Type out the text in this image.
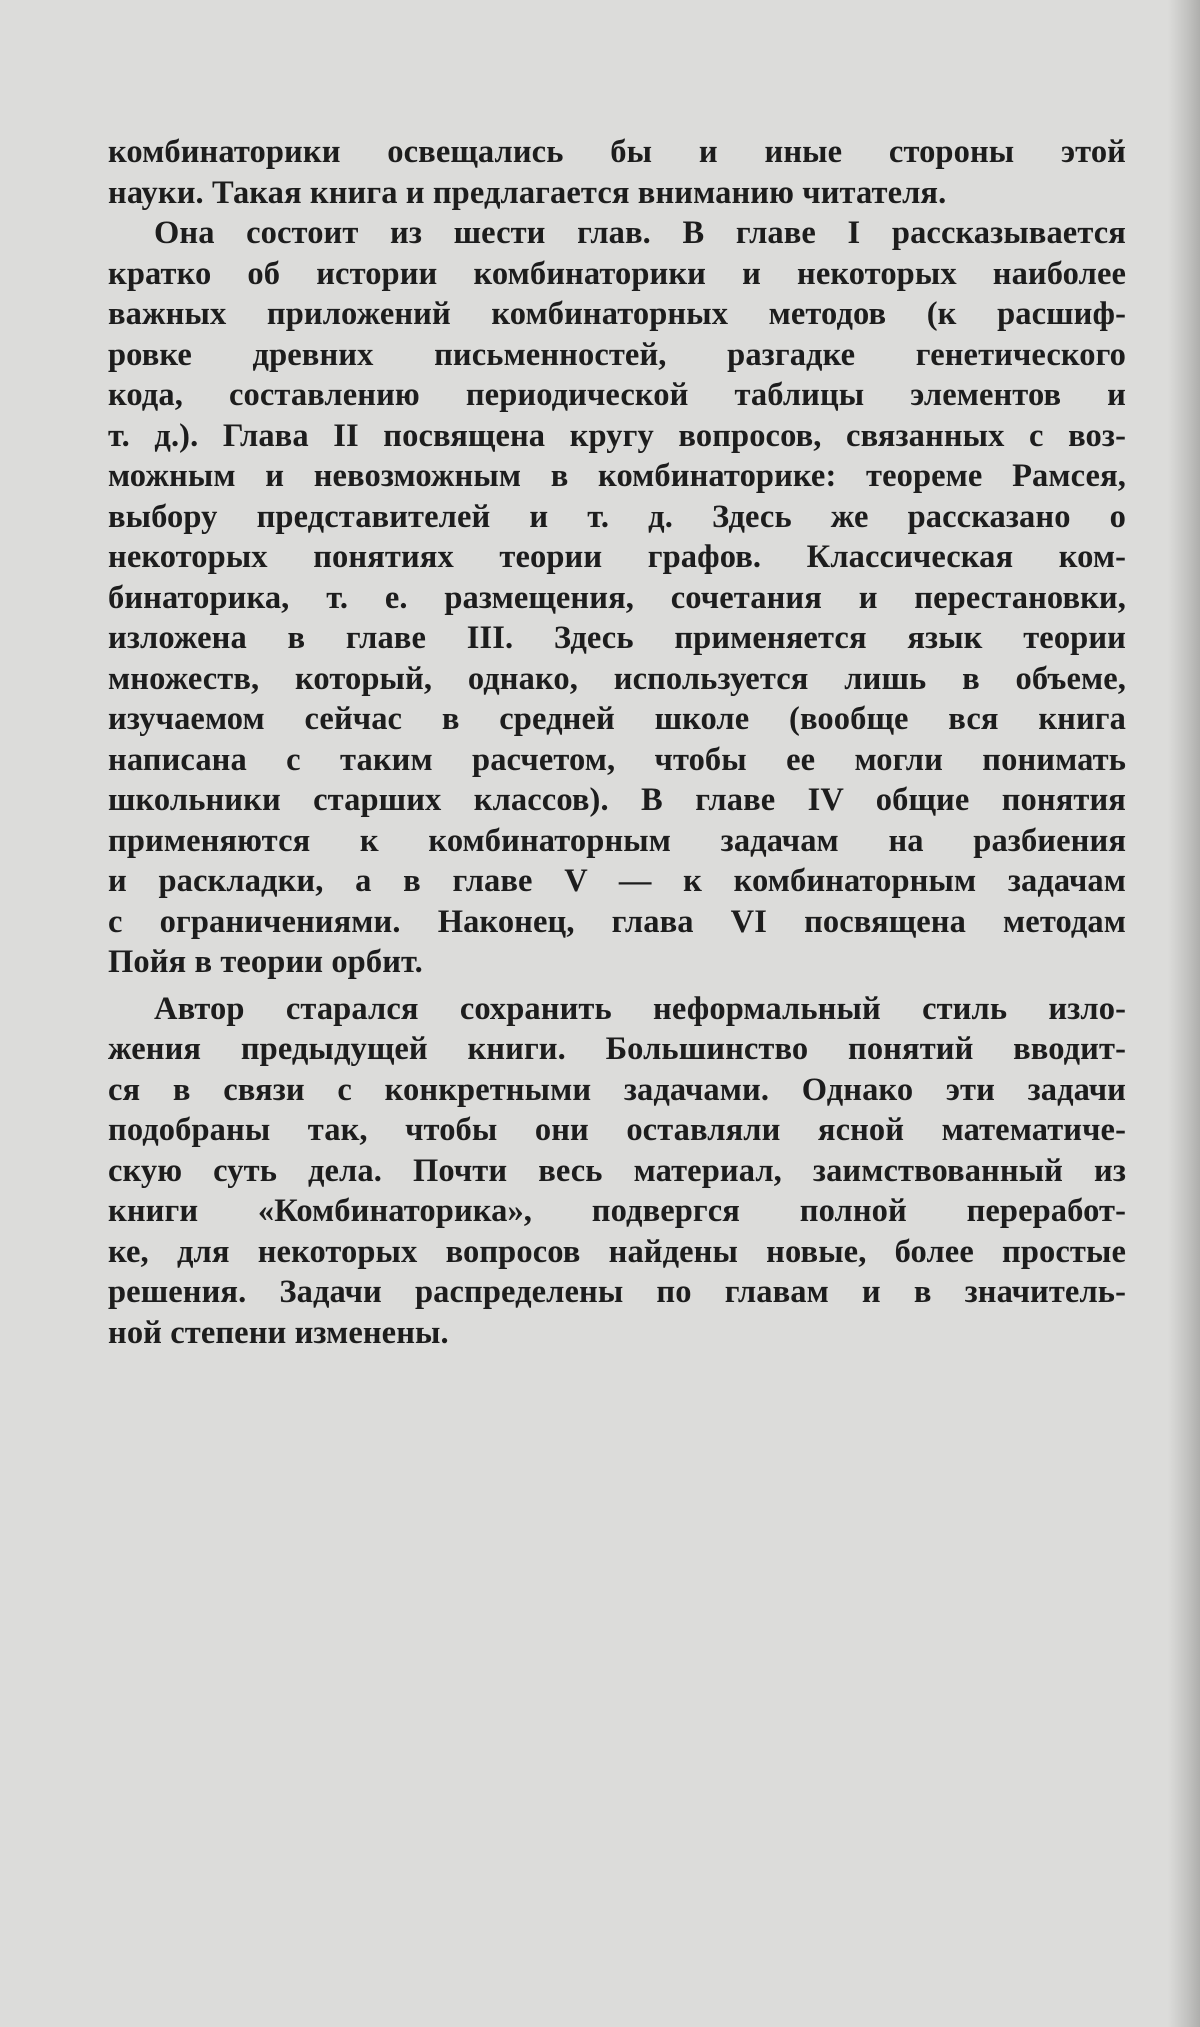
комбинаторики освещались бы и иные стороны этой
науки. Такая книга и предлагается вниманию читателя.
Она состоит из шести глав. В главе I рассказывается
кратко об истории комбинаторики и некоторых наиболее
важных приложений комбинаторных методов (к расшиф-
ровке древних письменностей, разгадке генетического
кода, составлению периодической таблицы элементов и
т. д.). Глава II посвящена кругу вопросов, связанных с воз-
можным и невозможным в комбинаторике: теореме Рамсея,
выбору представителей и т. д. Здесь же рассказано о
некоторых понятиях теории графов. Классическая ком-
бинаторика, т. е. размещения, сочетания и перестановки,
изложена в главе III. Здесь применяется язык теории
множеств, который, однако, используется лишь в объеме,
изучаемом сейчас в средней школе (вообще вся книга
написана с таким расчетом, чтобы ее могли понимать
школьники старших классов). В главе IV общие понятия
применяются к комбинаторным задачам на разбиения
и раскладки, а в главе V — к комбинаторным задачам
с ограничениями. Наконец, глава VI посвящена методам
Пойя в теории орбит.
Автор старался сохранить неформальный стиль изло-
жения предыдущей книги. Большинство понятий вводит-
ся в связи с конкретными задачами. Однако эти задачи
подобраны так, чтобы они оставляли ясной математиче-
скую суть дела. Почти весь материал, заимствованный из
книги «Комбинаторика», подвергся полной переработ-
ке, для некоторых вопросов найдены новые, более простые
решения. Задачи распределены по главам и в значитель-
ной степени изменены.
